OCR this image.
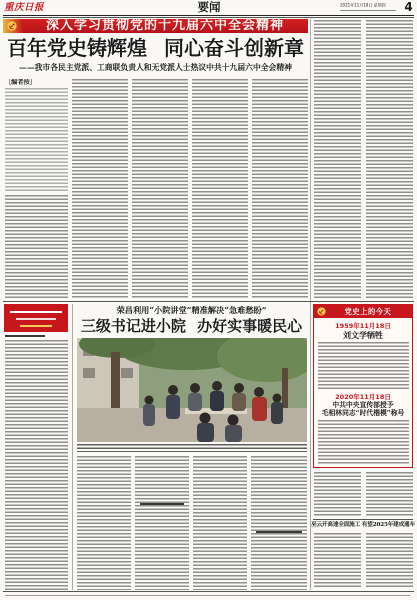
重庆日报	要闻	2021年11月18日 星期四	4
深入学习贯彻党的十九届六中全会精神
百年党史铸辉煌 同心奋斗创新章
——我市各民主党派、工商联负责人和无党派人士热议中共十九届六中全会精神
［编者按］
荣昌利用“小院讲堂”精准解决“急难愁盼”
三级书记进小院 办好实事暖民心
党史上的今天
1959年11月18日
刘文学牺牲
2020年11月18日
中共中央宣传部授予
毛相林同志“时代楷模”称号
巫云开高速全面施工 有望2025年建成通车
